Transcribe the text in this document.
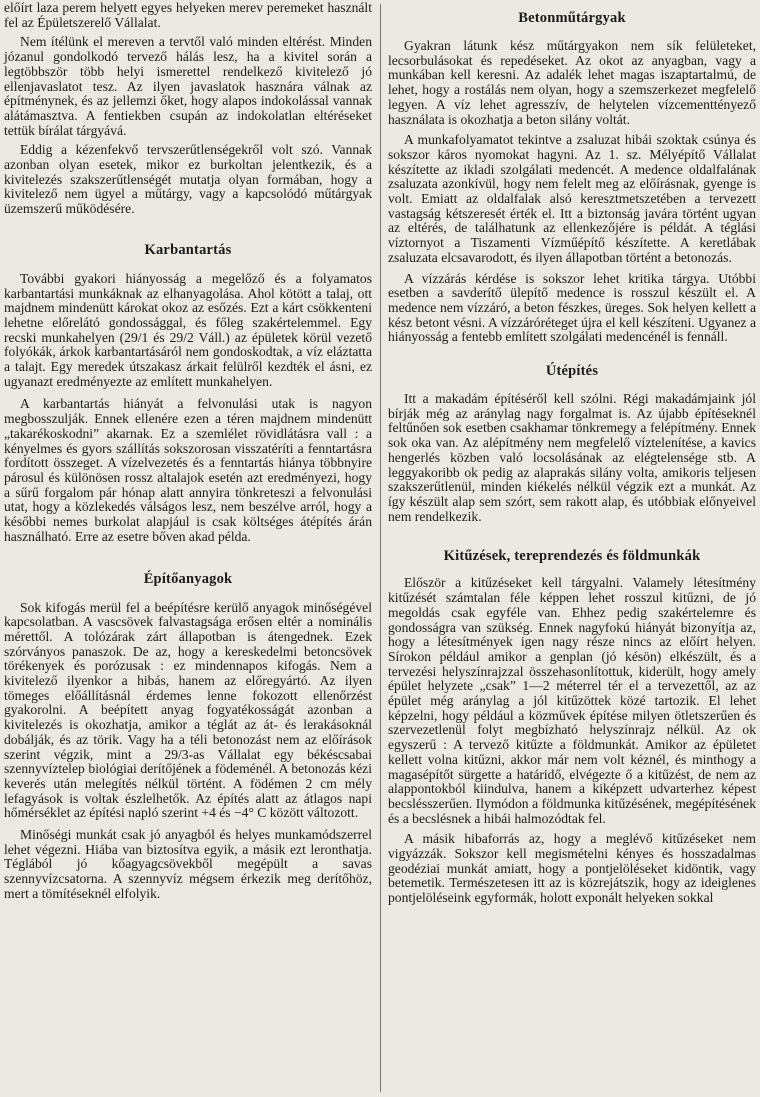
előírt laza perem helyett egyes helyeken merev peremeket használt fel az Épületszerelő Vállalat.

Nem ítélünk el mereven a tervtől való minden eltérést. Minden józanul gondolkodó tervező hálás lesz, ha a kivitel során a legtöbbször több helyi ismerettel rendelkező kivitelező jó ellenjavaslatot tesz. Az ilyen javaslatok hasznára válnak az építménynek, és az jellemzi őket, hogy alapos indokolással vannak alátámasztva. A fentiekben csupán az indokolatlan eltéréseket tettük bírálat tárgyává.

Eddig a kézenfekvő tervszerűtlenségekről volt szó. Vannak azonban olyan esetek, mikor ez burkoltan jelentkezik, és a kivitelezés szakszerűtlenségét mutatja olyan formában, hogy a kivitelező nem ügyel a műtárgy, vagy a kapcsolódó műtárgyak üzemszerű működésére.

Karbantartás

További gyakori hiányosság a megelőző és a folyamatos karbantartási munkáknak az elhanyagolása. Ahol kötött a talaj, ott majdnem mindenütt károkat okoz az esőzés. Ezt a kárt csökkenteni lehetne előrelátó gondossággal, és főleg szakértelemmel. Egy recski munkahelyen (29/1 és 29/2 Váll.) az épületek körül vezető folyókák, árkok karbantartásáról nem gondoskodtak, a víz eláztatta a talajt. Egy meredek útszakasz árkait felülről kezdték el ásni, ez ugyanazt eredményezte az említett munkahelyen.

A karbantartás hiányát a felvonulási utak is nagyon megbosszulják. Ennek ellenére ezen a téren majdnem mindenütt „takarékoskodni” akarnak. Ez a szemlélet rövidlátásra vall : a kényelmes és gyors szállítás sokszorosan visszatéríti a fenntartásra fordított összeget. A vízelvezetés és a fenntartás hiánya többnyire párosul és különösen rossz altalajok esetén azt eredményezi, hogy a sűrű forgalom pár hónap alatt annyira tönkreteszi a felvonulási utat, hogy a közlekedés válságos lesz, nem beszélve arról, hogy a későbbi nemes burkolat alapjául is csak költséges átépítés árán használható. Erre az esetre bőven akad példa.

Építőanyagok

Sok kifogás merül fel a beépítésre kerülő anyagok minőségével kapcsolatban. A vascsövek falvastagsága erősen eltér a nominális mérettől. A tolózárak zárt állapotban is átengednek. Ezek szórványos panaszok. De az, hogy a kereskedelmi betoncsövek törékenyek és porózusak : ez mindennapos kifogás. Nem a kivitelező ilyenkor a hibás, hanem az előregyártó. Az ilyen tömeges előállításnál érdemes lenne fokozott ellenőrzést gyakorolni. A beépített anyag fogyatékosságát azonban a kivitelezés is okozhatja, amikor a téglát az át- és lerakásoknál dobálják, és az törik. Vagy ha a téli betonozást nem az előírások szerint végzik, mint a 29/3-as Vállalat egy békéscsabai szennyvíztelep biológiai derítőjének a födeménél. A betonozás kézi keverés után melegítés nélkül történt. A födémen 2 cm mély lefagyások is voltak észlelhetők. Az építés alatt az átlagos napi hőmérséklet az építési napló szerint +4 és −4° C között változott.

Minőségi munkát csak jó anyagból és helyes munkamódszerrel lehet végezni. Hiába van biztosítva egyik, a másik ezt leronthatja. Téglából jó kőagyagcsövekből megépült a savas szennyvízcsatorna. A szennyvíz mégsem érkezik meg derítőhöz, mert a tömítéseknél elfolyik.

Betonműtárgyak

Gyakran látunk kész műtárgyakon nem sík felületeket, lecsorbulásokat és repedéseket. Az okot az anyagban, vagy a munkában kell keresni. Az adalék lehet magas iszaptartalmú, de lehet, hogy a rostálás nem olyan, hogy a szemszerkezet megfelelő legyen. A víz lehet agresszív, de helytelen vízcementtényező használata is okozhatja a beton silány voltát.

A munkafolyamatot tekintve a zsaluzat hibái szoktak csúnya és sokszor káros nyomokat hagyni. Az 1. sz. Mélyépítő Vállalat készítette az ikladi szolgálati medencét. A medence oldalfalának zsaluzata azonkívül, hogy nem felelt meg az előírásnak, gyenge is volt. Emiatt az oldalfalak alsó keresztmetszetében a tervezett vastagság kétszeresét érték el. Itt a biztonság javára történt ugyan az eltérés, de találhatunk az ellenkezőjére is példát. A téglási víztornyot a Tiszamenti Vízműépítő készítette. A keretlábak zsaluzata elcsavarodott, és ilyen állapotban történt a betonozás.

A vízzárás kérdése is sokszor lehet kritika tárgya. Utóbbi esetben a savderítő ülepítő medence is rosszul készült el. A medence nem vízzáró, a beton fészkes, üreges. Sok helyen kellett a kész betont vésni. A vízzáróréteget újra el kell készíteni. Ugyanez a hiányosság a fentebb említett szolgálati medencénél is fennáll.

Útépítés

Itt a makadám építéséről kell szólni. Régi makadámjaink jól bírják még az aránylag nagy forgalmat is. Az újabb építéseknél feltűnően sok esetben csakhamar tönkremegy a felépítmény. Ennek sok oka van. Az alépítmény nem megfelelő víztelenítése, a kavics hengerlés közben való locsolásának az elégtelensége stb. A leggyakoribb ok pedig az alaprakás silány volta, amikoris teljesen szakszerűtlenül, minden kiékelés nélkül végzik ezt a munkát. Az így készült alap sem szórt, sem rakott alap, és utóbbiak előnyeivel nem rendelkezik.

Kitűzések, tereprendezés és földmunkák

Először a kitűzéseket kell tárgyalni. Valamely létesítmény kitűzését számtalan féle képpen lehet rosszul kitűzni, de jó megoldás csak egyféle van. Ehhez pedig szakértelemre és gondosságra van szükség. Ennek nagyfokú hiányát bizonyítja az, hogy a létesítmények igen nagy része nincs az előírt helyen. Sírokon például amikor a genplan (jó késön) elkészült, és a tervezési helyszínrajzzal összehasonlítottuk, kiderült, hogy amely épület helyzete „csak” 1—2 méterrel tér el a tervezettől, az az épület még aránylag a jól kitűzöttek közé tartozik. El lehet képzelni, hogy például a közművek építése milyen ötletszerűen és szervezetlenül folyt megbízható helyszínrajz nélkül. Az ok egyszerű : A tervező kitűzte a földmunkát. Amikor az épületet kellett volna kitűzni, akkor már nem volt kéznél, és minthogy a magasépítőt sürgette a határidő, elvégezte ő a kitűzést, de nem az alappontokból kiindulva, hanem a kiképzett udvarterhez képest becslésszerűen. Ilymódon a földmunka kitűzésének, megépítésének és a becslésnek a hibái halmozódtak fel.

A másik hibaforrás az, hogy a meglévő kitűzéseket nem vigyázzák. Sokszor kell megismételni kényes és hosszadalmas geodéziai munkát amiatt, hogy a pontjelöléseket kidöntik, vagy betemetik. Természetesen itt az is közrejátszik, hogy az ideiglenes pontjelöléseink egyformák, holott exponált helyeken sokkal
